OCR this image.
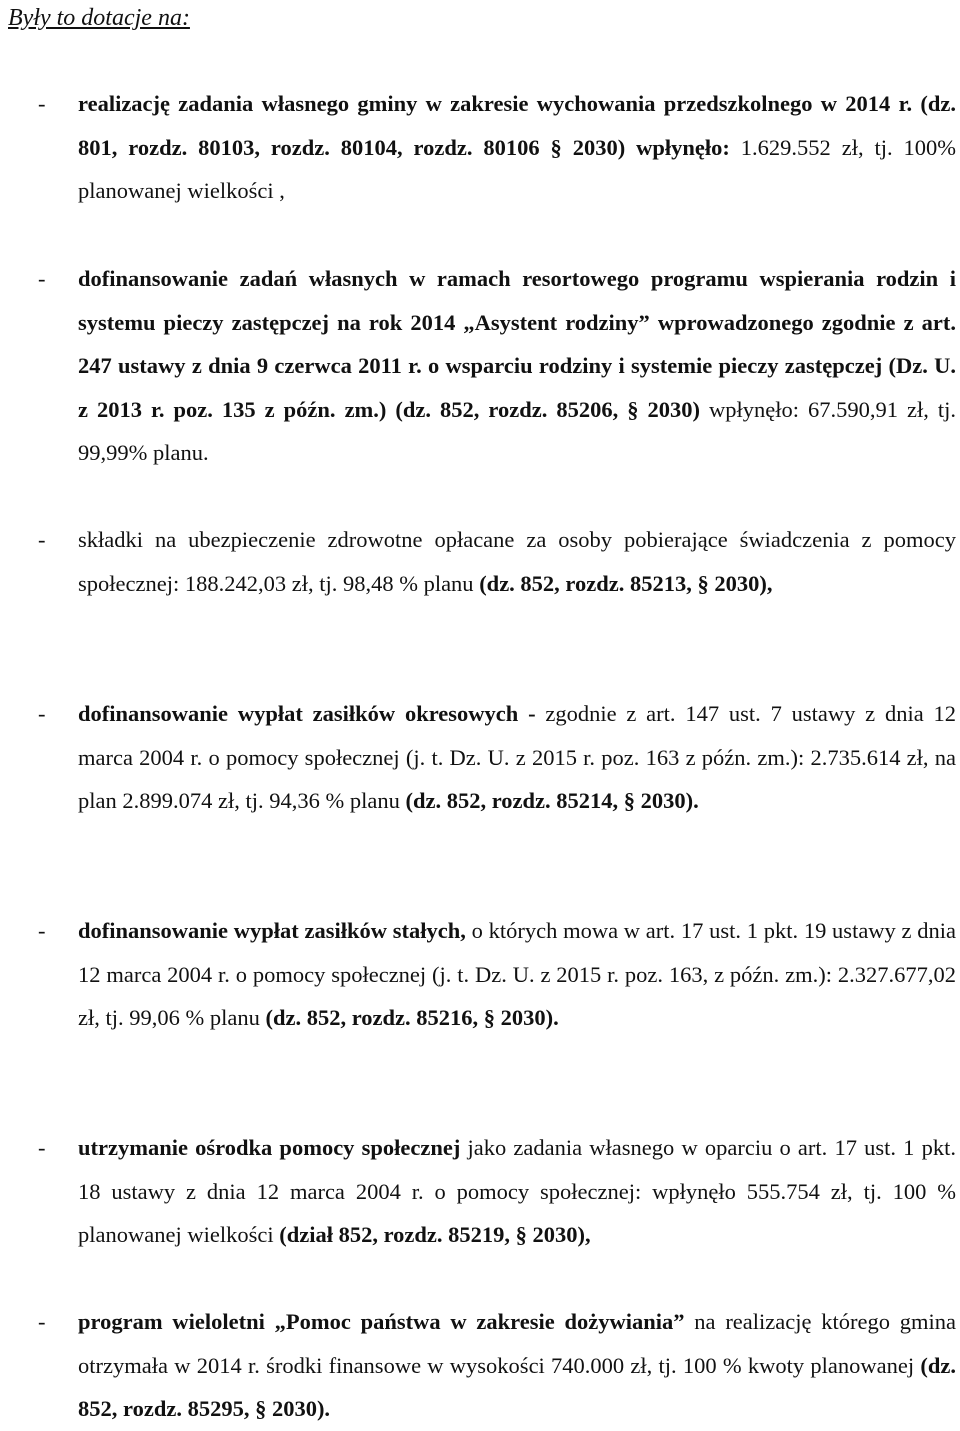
Były to dotacje na:
- realizację zadania własnego gminy w zakresie wychowania przedszkolnego w 2014 r. (dz. 801, rozdz. 80103, rozdz. 80104, rozdz. 80106 § 2030) wpłynęło: 1.629.552 zł, tj. 100% planowanej wielkości ,
- dofinansowanie zadań własnych w ramach resortowego programu wspierania rodzin i systemu pieczy zastępczej na rok 2014 „Asystent rodziny” wprowadzonego zgodnie z art. 247 ustawy z dnia 9 czerwca 2011 r. o wsparciu rodziny i systemie pieczy zastępczej (Dz. U. z 2013 r. poz. 135 z późn. zm.) (dz. 852, rozdz. 85206, § 2030) wpłynęło: 67.590,91 zł, tj. 99,99% planu.
- składki na ubezpieczenie zdrowotne opłacane za osoby pobierające świadczenia z pomocy społecznej: 188.242,03 zł, tj. 98,48 % planu (dz. 852, rozdz. 85213, § 2030),
- dofinansowanie wypłat zasiłków okresowych - zgodnie z art. 147 ust. 7 ustawy z dnia 12 marca 2004 r. o pomocy społecznej (j. t. Dz. U. z 2015 r. poz. 163 z późn. zm.): 2.735.614 zł, na plan 2.899.074 zł, tj. 94,36 % planu (dz. 852, rozdz. 85214, § 2030).
- dofinansowanie wypłat zasiłków stałych, o których mowa w art. 17 ust. 1 pkt. 19 ustawy z dnia 12 marca 2004 r. o pomocy społecznej (j. t. Dz. U. z 2015 r. poz. 163, z późn. zm.): 2.327.677,02 zł, tj. 99,06 % planu (dz. 852, rozdz. 85216, § 2030).
- utrzymanie ośrodka pomocy społecznej jako zadania własnego w oparciu o art. 17 ust. 1 pkt. 18 ustawy z dnia 12 marca 2004 r. o pomocy społecznej: wpłynęło 555.754 zł, tj. 100 % planowanej wielkości (dział 852, rozdz. 85219, § 2030),
- program wieloletni „Pomoc państwa w zakresie dożywiania” na realizację którego gmina otrzymała w 2014 r. środki finansowe w wysokości 740.000 zł, tj. 100 % kwoty planowanej (dz. 852, rozdz. 85295, § 2030).
